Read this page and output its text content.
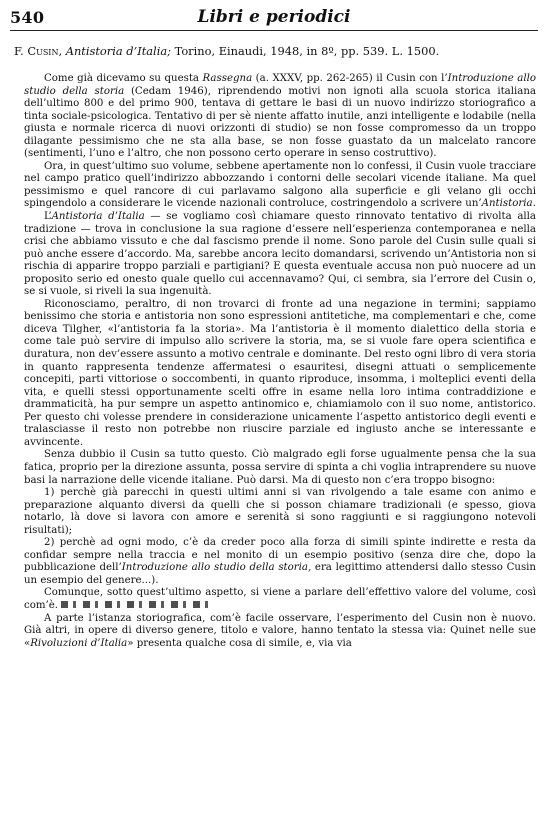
540	Libri e periodici
F. Cusin, Antistoria d’Italia; Torino, Einaudi, 1948, in 8º, pp. 539. L. 1500.

Come già dicevamo su questa Rassegna (a. XXXV, pp. 262-265) il Cusin con l’Introduzione allo studio della storia (Cedam 1946), riprendendo motivi non ignoti alla scuola storica italiana dell’ultimo 800 e del primo 900, tentava di gettare le basi di un nuovo indirizzo storiografico a tinta sociale-psicologica. Tentativo di per sè niente affatto inutile, anzi intelligente e lodabile (nella giusta e normale ricerca di nuovi orizzonti di studio) se non fosse compromesso da un troppo dilagante pessimismo che ne sta alla base, se non fosse guastato da un malcelato rancore (sentimenti, l’uno e l’altro, che non possono certo operare in senso costruttivo).

Ora, in quest’ultimo suo volume, sebbene apertamente non lo confessi, il Cusin vuole tracciare nel campo pratico quell’indirizzo abbozzando i contorni delle secolari vicende italiane. Ma quel pessimismo e quel rancore di cui parlavamo salgono alla superficie e gli velano gli occhi spingendolo a considerare le vicende nazionali controluce, costringendolo a scrivere un’Antistoria.

L’Antistoria d’Italia — se vogliamo così chiamare questo rinnovato tentativo di rivolta alla tradizione — trova in conclusione la sua ragione d’essere nell’esperienza contemporanea e nella crisi che abbiamo vissuto e che dal fascismo prende il nome. Sono parole del Cusin sulle quali si può anche essere d’accordo. Ma, sarebbe ancora lecito domandarsi, scrivendo un’Antistoria non si rischia di apparire troppo parziali e partigiani? E questa eventuale accusa non può nuocere ad un proposito serio ed onesto quale quello cui accennavamo? Qui, ci sembra, sia l’errore del Cusin o, se si vuole, si riveli la sua ingenuità.

Riconosciamo, peraltro, di non trovarci di fronte ad una negazione in termini; sappiamo benissimo che storia e antistoria non sono espressioni antitetiche, ma complementari e che, come diceva Tilgher, «l’antistoria fa la storia». Ma l’antistoria è il momento dialettico della storia e come tale può servire di impulso allo scrivere la storia, ma, se si vuole fare opera scientifica e duratura, non dev’essere assunto a motivo centrale e dominante. Del resto ogni libro di vera storia in quanto rappresenta tendenze affermatesi o esauritesi, disegni attuati o semplicemente concepiti, parti vittoriose o soccombenti, in quanto riproduce, insomma, i molteplici eventi della vita, e quelli stessi opportunamente scelti offre in esame nella loro intima contraddizione e drammaticità, ha pur sempre un aspetto antinomico e, chiamiamolo con il suo nome, antistorico. Per questo chi volesse prendere in considerazione unicamente l’aspetto antistorico degli eventi e tralasciasse il resto non potrebbe non riuscire parziale ed ingiusto anche se interessante e avvincente.

Senza dubbio il Cusin sa tutto questo. Ciò malgrado egli forse ugualmente pensa che la sua fatica, proprio per la direzione assunta, possa servire di spinta a chi voglia intraprendere su nuove basi la narrazione delle vicende italiane. Può darsi. Ma di questo non c’era troppo bisogno:

1) perchè già parecchi in questi ultimi anni si van rivolgendo a tale esame con animo e preparazione alquanto diversi da quelli che si posson chiamare tradizionali (e spesso, giova notarlo, là dove si lavora con amore e serenità si sono raggiunti e si raggiungono notevoli risultati);

2) perchè ad ogni modo, c’è da creder poco alla forza di simili spinte indirette e resta da confidar sempre nella traccia e nel monito di un esempio positivo (senza dire che, dopo la pubblicazione dell’Introduzione allo studio della storia, era legittimo attendersi dallo stesso Cusin un esempio del genere...).

Comunque, sotto quest’ultimo aspetto, si viene a parlare dell’effettivo valore del volume, così com’è.

A parte l’istanza storiografica, com’è facile osservare, l’esperimento del Cusin non è nuovo. Già altri, in opere di diverso genere, titolo e valore, hanno tentato la stessa via: Quinet nelle sue «Rivoluzioni d’Italia» presenta qualche cosa di simile, e, via via
